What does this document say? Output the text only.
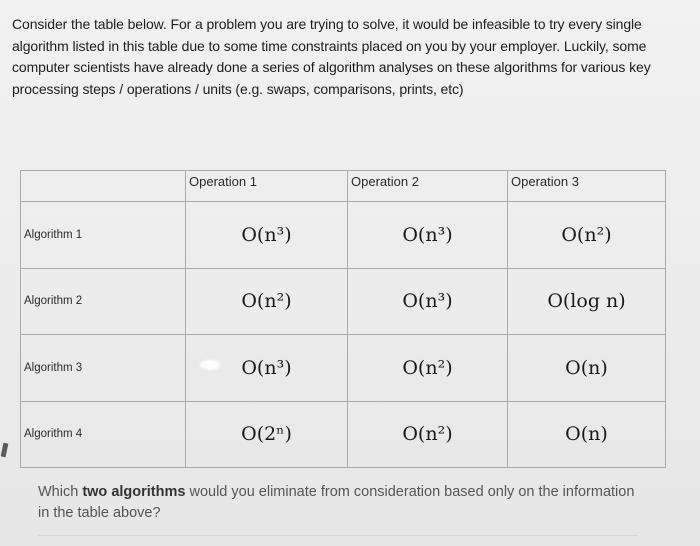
Consider the table below. For a problem you are trying to solve, it would be infeasible to try every single algorithm listed in this table due to some time constraints placed on you by your employer. Luckily, some computer scientists have already done a series of algorithm analyses on these algorithms for various key processing steps / operations / units (e.g. swaps, comparisons, prints, etc)

	Operation 1	Operation 2	Operation 3

Algorithm 1	O(n³)	O(n³)	O(n²)
Algorithm 2	O(n²)	O(n³)	O(log n)
Algorithm 3	O(n³)	O(n²)	O(n)
Algorithm 4	O(2ⁿ)	O(n²)	O(n)
Which two algorithms would you eliminate from consideration based only on the information in the table above?
